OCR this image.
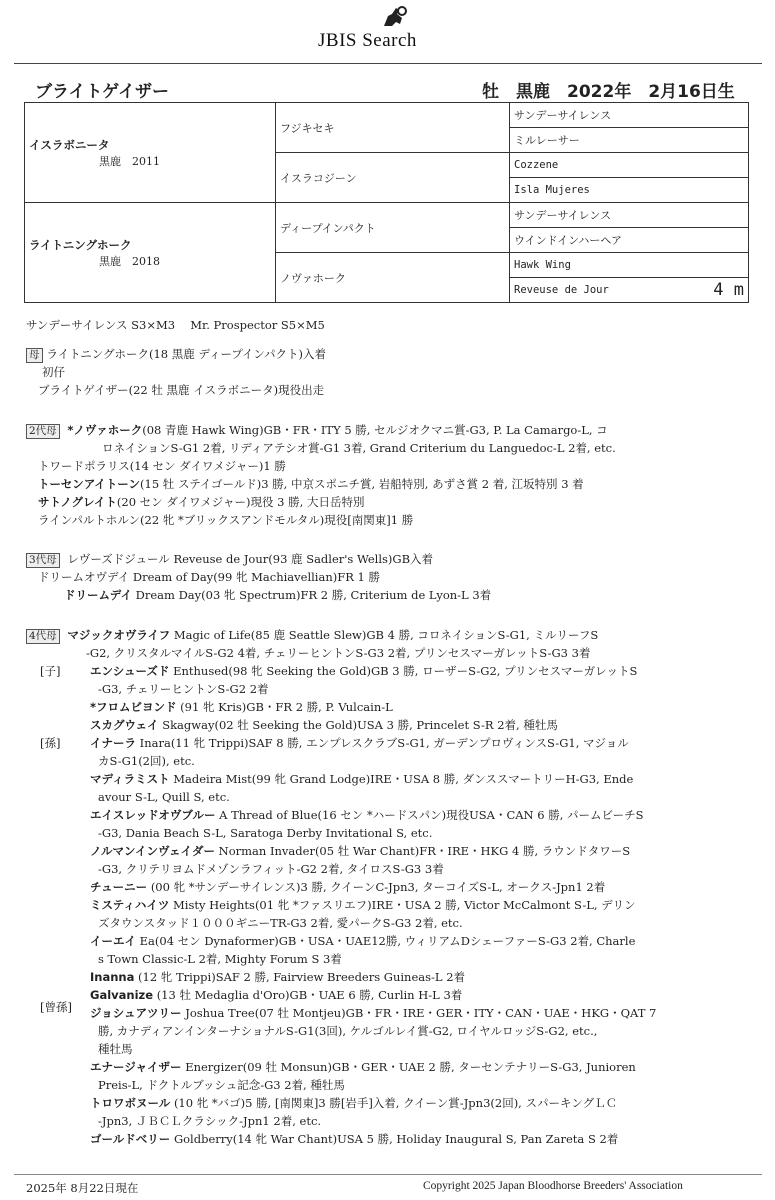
JBIS Search
ブライトゲイザー	牡　黒鹿　2022年　2月16日生
イスラボニータ
黒鹿　2011	フジキセキ	サンデーサイレンス
		ミルレーサー
	イスラコジーン	Cozzene
		Isla Mujeres

ライトニングホーク
黒鹿　2018	ディープインパクト	サンデーサイレンス
		ウインドインハーヘア
	ノヴァホーク	Hawk Wing
		Reveuse de Jour 4 m
サンデーサイレンス S3×M3　 Mr. Prospector S5×M5
母 ライトニングホーク(18 黒鹿 ディープインパクト)入着
初仔
ブライトゲイザー(22 牡 黒鹿 イスラボニータ)現役出走
2代母 *ノヴァホーク(08 青鹿 Hawk Wing)GB・FR・ITY 5 勝, セルジオクマニ賞-G3, P. La Camargo-L, コ
ロネイションS-G1 2着, リディアテシオ賞-G1 3着, Grand Criterium du Languedoc-L 2着, etc.
トワードポラリス(14 セン ダイワメジャー)1 勝
トーセンアイトーン(15 牡 ステイゴールド)3 勝, 中京スポニチ賞, 岩船特別, あずさ賞 2 着, 江坂特別 3 着
サトノグレイト(20 セン ダイワメジャー)現役 3 勝, 大日岳特別
ラインパルトホルン(22 牝 *ブリックスアンドモルタル)現役[南関東]1 勝
3代母 レヴーズドジュール Reveuse de Jour(93 鹿 Sadler's Wells)GB入着
ドリームオヴデイ Dream of Day(99 牝 Machiavellian)FR 1 勝
ドリームデイ Dream Day(03 牝 Spectrum)FR 2 勝, Criterium de Lyon-L 3着
4代母 マジックオヴライフ Magic of Life(85 鹿 Seattle Slew)GB 4 勝, コロネイションS-G1, ミルリーフS
-G2, クリスタルマイルS-G2 4着, チェリーヒントンS-G3 2着, プリンセスマーガレットS-G3 3着
[子]
[孫]
[曾孫]
エンシューズド Enthused(98 牝 Seeking the Gold)GB 3 勝, ローザーS-G2, プリンセスマーガレットS
-G3, チェリーヒントンS-G2 2着
*フロムビヨンド (91 牝 Kris)GB・FR 2 勝, P. Vulcain-L
スカグウェイ Skagway(02 牡 Seeking the Gold)USA 3 勝, Princelet S-R 2着, 種牡馬
イナーラ Inara(11 牝 Trippi)SAF 8 勝, エンプレスクラブS-G1, ガーデンプロヴィンスS-G1, マジョル
カS-G1(2回), etc.
マディラミスト Madeira Mist(99 牝 Grand Lodge)IRE・USA 8 勝, ダンススマートリーH-G3, Ende
avour S-L, Quill S, etc.
エイスレッドオヴブルー A Thread of Blue(16 セン *ハードスパン)現役USA・CAN 6 勝, パームビーチS
-G3, Dania Beach S-L, Saratoga Derby Invitational S, etc.
ノルマンインヴェイダー Norman Invader(05 牡 War Chant)FR・IRE・HKG 4 勝, ラウンドタワーS
-G3, クリテリヨムドメゾンラフィット-G2 2着, タイロスS-G3 3着
チューニー (00 牝 *サンデーサイレンス)3 勝, クイーンC-Jpn3, ターコイズS-L, オークス-Jpn1 2着
ミスティハイツ Misty Heights(01 牝 *ファスリエフ)IRE・USA 2 勝, Victor McCalmont S-L, デリン
ズタウンスタッド１０００ギニーTR-G3 2着, 愛パークS-G3 2着, etc.
イーエイ Ea(04 セン Dynaformer)GB・USA・UAE12勝, ウィリアムDシェーファーS-G3 2着, Charle
s Town Classic-L 2着, Mighty Forum S 3着
Inanna (12 牝 Trippi)SAF 2 勝, Fairview Breeders Guineas-L 2着
Galvanize (13 牡 Medaglia d'Oro)GB・UAE 6 勝, Curlin H-L 3着
ジョシュアツリー Joshua Tree(07 牡 Montjeu)GB・FR・IRE・GER・ITY・CAN・UAE・HKG・QAT 7
勝, カナディアンインターナショナルS-G1(3回), ケルゴルレイ賞-G2, ロイヤルロッジS-G2, etc.,
種牡馬
エナージャイザー Energizer(09 牡 Monsun)GB・GER・UAE 2 勝, ターセンテナリーS-G3, Junioren
Preis-L, ドクトルブッシュ記念-G3 2着, 種牡馬
トロワボヌール (10 牝 *バゴ)5 勝, [南関東]3 勝[岩手]入着, クイーン賞-Jpn3(2回), スパーキングＬＣ
-Jpn3, ＪＢＣＬクラシック-Jpn1 2着, etc.
ゴールドベリー Goldberry(14 牝 War Chant)USA 5 勝, Holiday Inaugural S, Pan Zareta S 2着
2025年 8月22日現在	Copyright 2025 Japan Bloodhorse Breeders' Association
